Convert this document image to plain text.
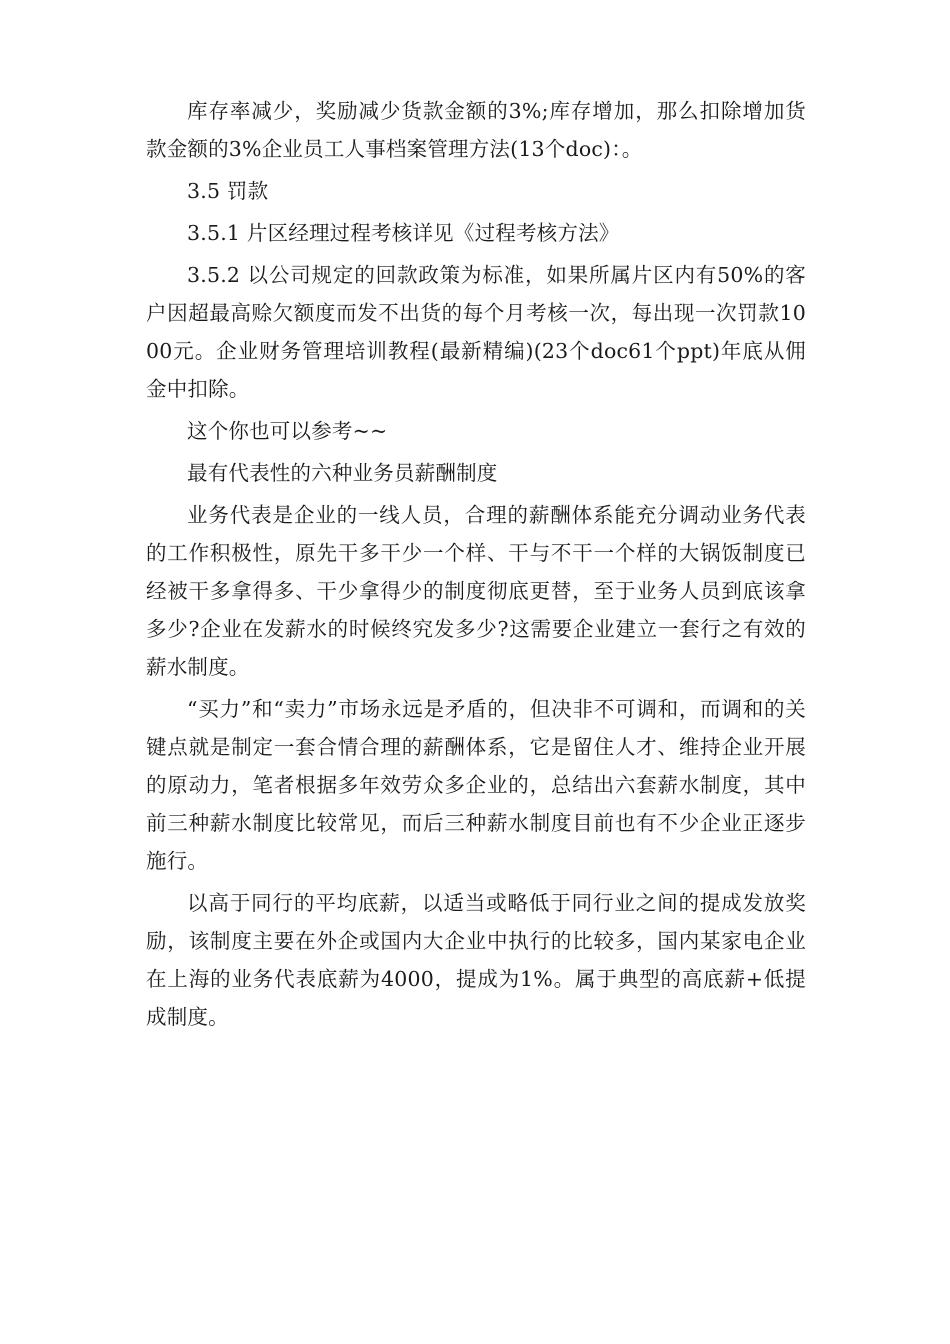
库存率减少，奖励减少货款金额的3%;库存增加，那么扣除增加货款金额的3%企业员工人事档案管理方法(13个doc)：。

3.5 罚款

3.5.1 片区经理过程考核详见《过程考核方法》

3.5.2 以公司规定的回款政策为标准，如果所属片区内有50%的客户因超最高赊欠额度而发不出货的每个月考核一次，每出现一次罚款1000元。企业财务管理培训教程(最新精编)(23个doc61个ppt)年底从佣金中扣除。

这个你也可以参考~~

最有代表性的六种业务员薪酬制度

业务代表是企业的一线人员，合理的薪酬体系能充分调动业务代表的工作积极性，原先干多干少一个样、干与不干一个样的大锅饭制度已经被干多拿得多、干少拿得少的制度彻底更替，至于业务人员到底该拿多少?企业在发薪水的时候终究发多少?这需要企业建立一套行之有效的薪水制度。

“买力”和“卖力”市场永远是矛盾的，但决非不可调和，而调和的关键点就是制定一套合情合理的薪酬体系，它是留住人才、维持企业开展的原动力，笔者根据多年效劳众多企业的，总结出六套薪水制度，其中前三种薪水制度比较常见，而后三种薪水制度目前也有不少企业正逐步施行。

以高于同行的平均底薪，以适当或略低于同行业之间的提成发放奖励，该制度主要在外企或国内大企业中执行的比较多，国内某家电企业在上海的业务代表底薪为4000，提成为1%。属于典型的高底薪+低提成制度。
